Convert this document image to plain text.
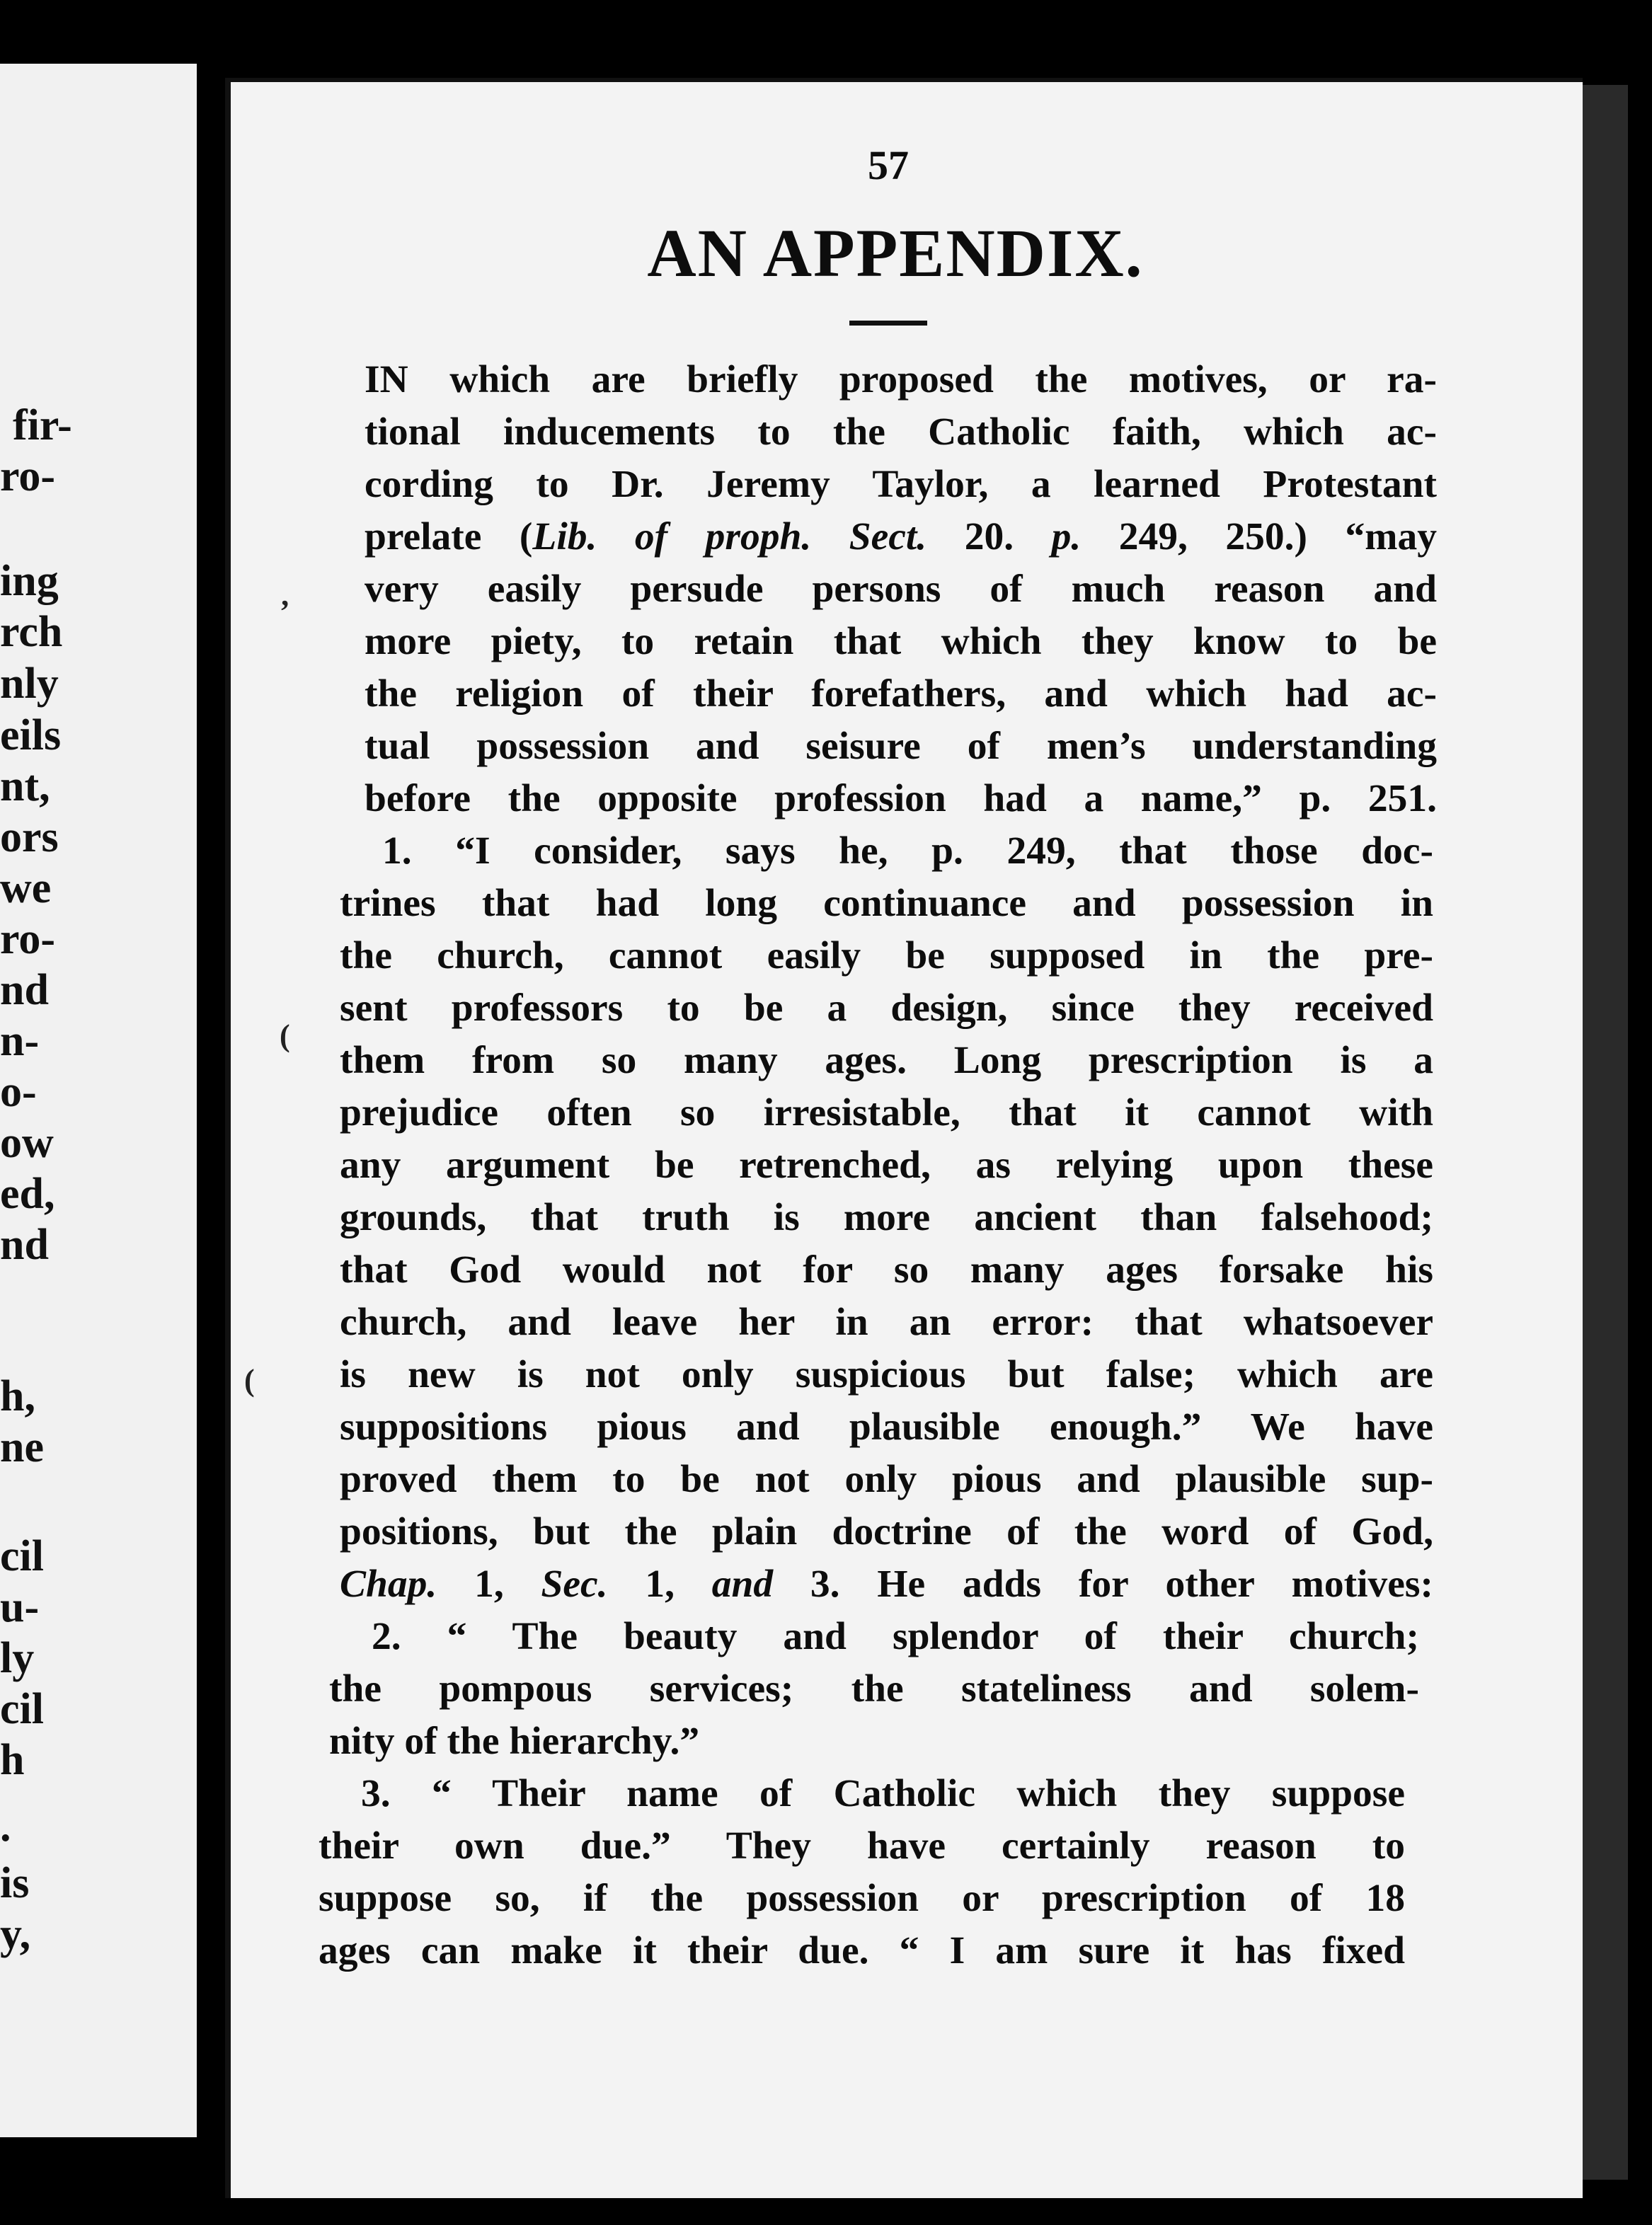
fir-
ro-
ing
rch
nly
eils
nt,
ors
we
ro-
nd
n-
o-
ow
ed,
nd
h,
ne
cil
u-
ly
cil
h
.
is
y,
’
(
(
57
AN APPENDIX.
IN which are briefly proposed the motives, or ra-
tional inducements to the Catholic faith, which ac-
cording to Dr. Jeremy Taylor, a learned Protestant
prelate (Lib. of proph. Sect. 20. p. 249, 250.) “may
very easily persude persons of much reason and
more piety, to retain that which they know to be
the religion of their forefathers, and which had ac-
tual possession and seisure of men’s understanding
before the opposite profession had a name,” p. 251.
1. “I consider, says he, p. 249, that those doc-
trines that had long continuance and possession in
the church, cannot easily be supposed in the pre-
sent professors to be a design, since they received
them from so many ages. Long prescription is a
prejudice often so irresistable, that it cannot with
any argument be retrenched, as relying upon these
grounds, that truth is more ancient than falsehood;
that God would not for so many ages forsake his
church, and leave her in an error: that whatsoever
is new is not only suspicious but false; which are
suppositions pious and plausible enough.” We have
proved them to be not only pious and plausible sup-
positions, but the plain doctrine of the word of God,
Chap. 1, Sec. 1, and 3. He adds for other motives:
2. “ The beauty and splendor of their church;
the pompous services; the stateliness and solem-
nity of the hierarchy.”
3. “ Their name of Catholic which they suppose
their own due.” They have certainly reason to
suppose so, if the possession or prescription of 18
ages can make it their due. “ I am sure it has fixed
